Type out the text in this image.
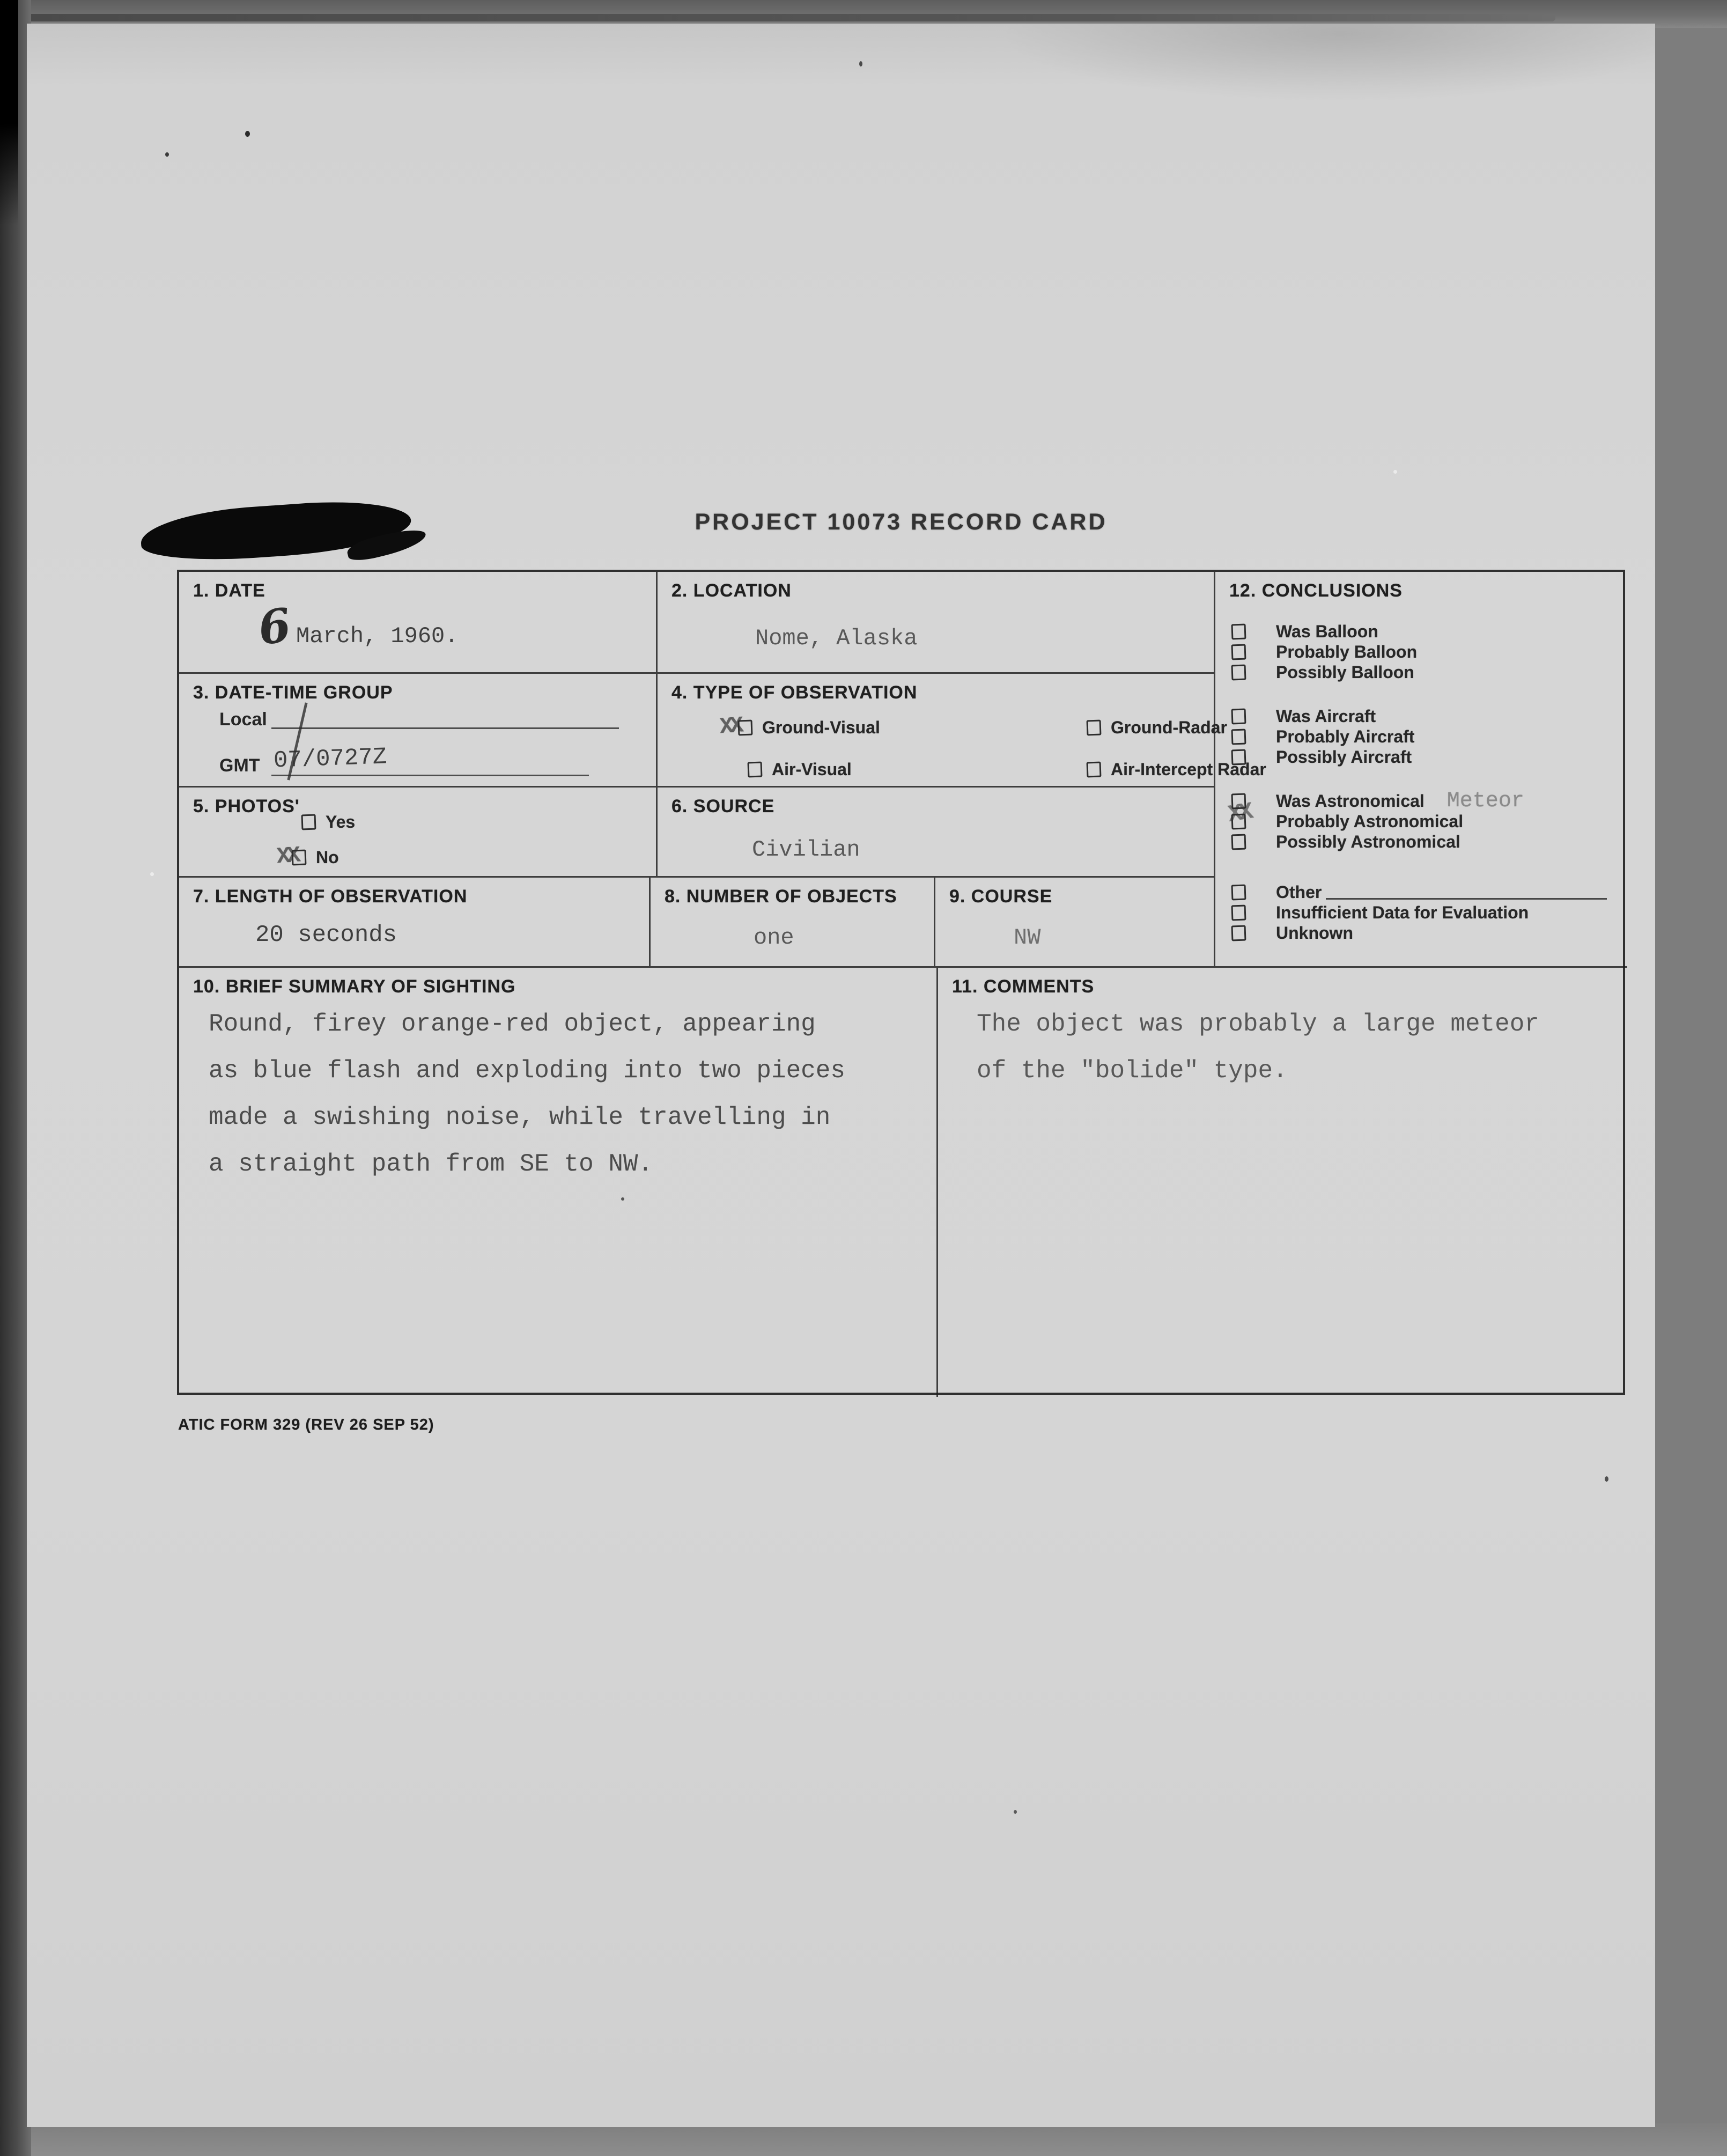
PROJECT 10073 RECORD CARD
1. DATE
6 March, 1960.
2. LOCATION
Nome, Alaska
12. CONCLUSIONS
Was Balloon
Probably Balloon
Possibly Balloon
Was Aircraft
Probably Aircraft
Possibly Aircraft
XX Was Astronomical Meteor
Probably Astronomical
Possibly Astronomical
Other
Insufficient Data for Evaluation
Unknown
3. DATE-TIME GROUP
Local
GMT 07/0727Z
4. TYPE OF OBSERVATION
XX Ground-Visual
Air-Visual
Ground-Radar
Air-Intercept Radar
5. PHOTOS'
Yes
XX No
6. SOURCE
Civilian
7. LENGTH OF OBSERVATION
20 seconds
8. NUMBER OF OBJECTS
one
9. COURSE
NW
10. BRIEF SUMMARY OF SIGHTING
Round, firey orange-red object, appearing
as blue flash and exploding into two pieces
made a swishing noise, while travelling in
a straight path from SE to NW.
11. COMMENTS
The object was probably a large meteor
of the "bolide" type.
ATIC FORM 329 (REV 26 SEP 52)
